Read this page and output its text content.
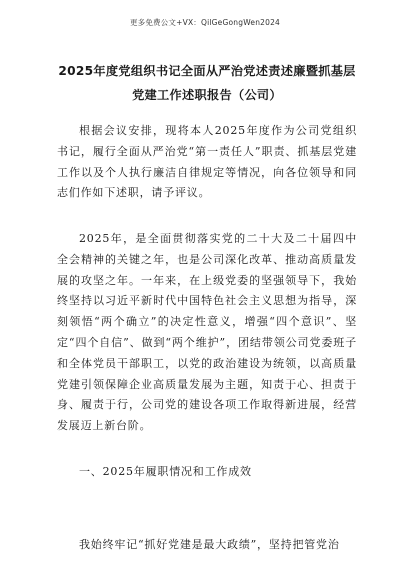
更多免费公文+VX：QilGeGongWen2024
2025年度党组织书记全面从严治党述责述廉暨抓基层党建工作述职报告（公司）

根据会议安排，现将本人2025年度作为公司党组织书记，履行全面从严治党“第一责任人”职责、抓基层党建工作以及个人执行廉洁自律规定等情况，向各位领导和同志们作如下述职，请予评议。

2025年，是全面贯彻落实党的二十大及二十届四中全会精神的关键之年，也是公司深化改革、推动高质量发展的攻坚之年。一年来，在上级党委的坚强领导下，我始终坚持以习近平新时代中国特色社会主义思想为指导，深刻领悟“两个确立”的决定性意义，增强“四个意识”、坚定“四个自信”、做到“两个维护”，团结带领公司党委班子和全体党员干部职工，以党的政治建设为统领，以高质量党建引领保障企业高质量发展为主题，知责于心、担责于身、履责于行，公司党的建设各项工作取得新进展，经营发展迈上新台阶。

一、2025年履职情况和工作成效

我始终牢记“抓好党建是最大政绩”，坚持把管党治
